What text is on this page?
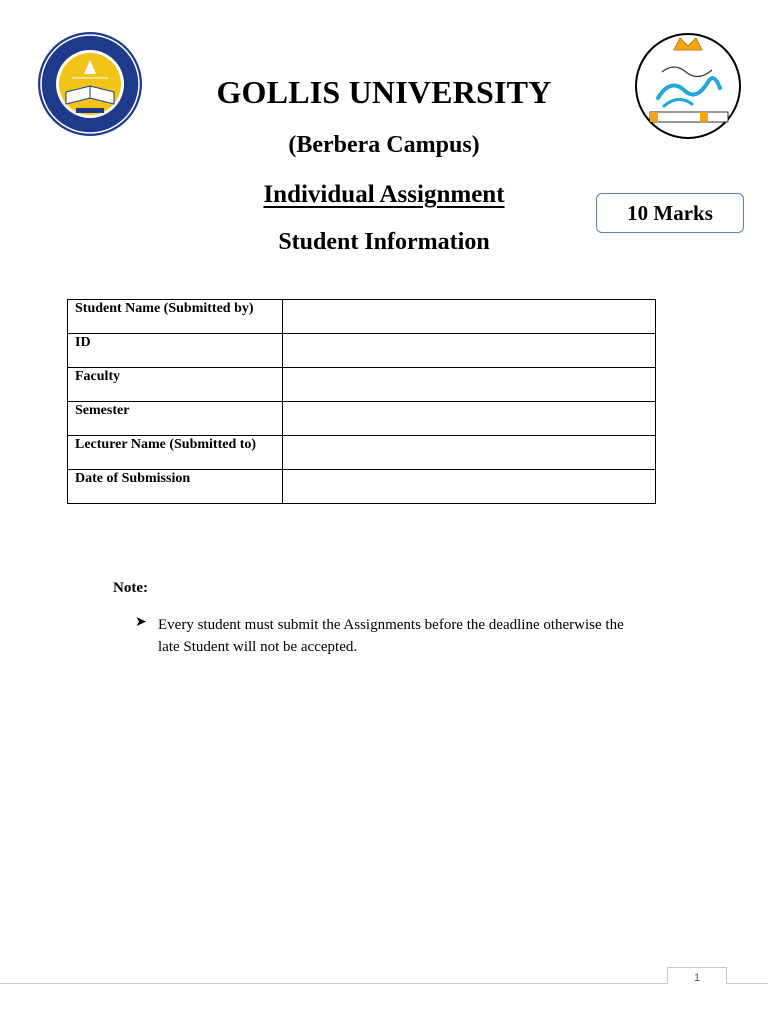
GOLLIS UNIVERSITY
(Berbera Campus)
Individual Assignment
Student Information
10 Marks
Student Name (Submitted by)	
ID	
Faculty	
Semester	
Lecturer Name (Submitted to)	
Date of Submission	
Note:
➤ Every student must submit the Assignments before the deadline otherwise the late Student will not be accepted.
1
